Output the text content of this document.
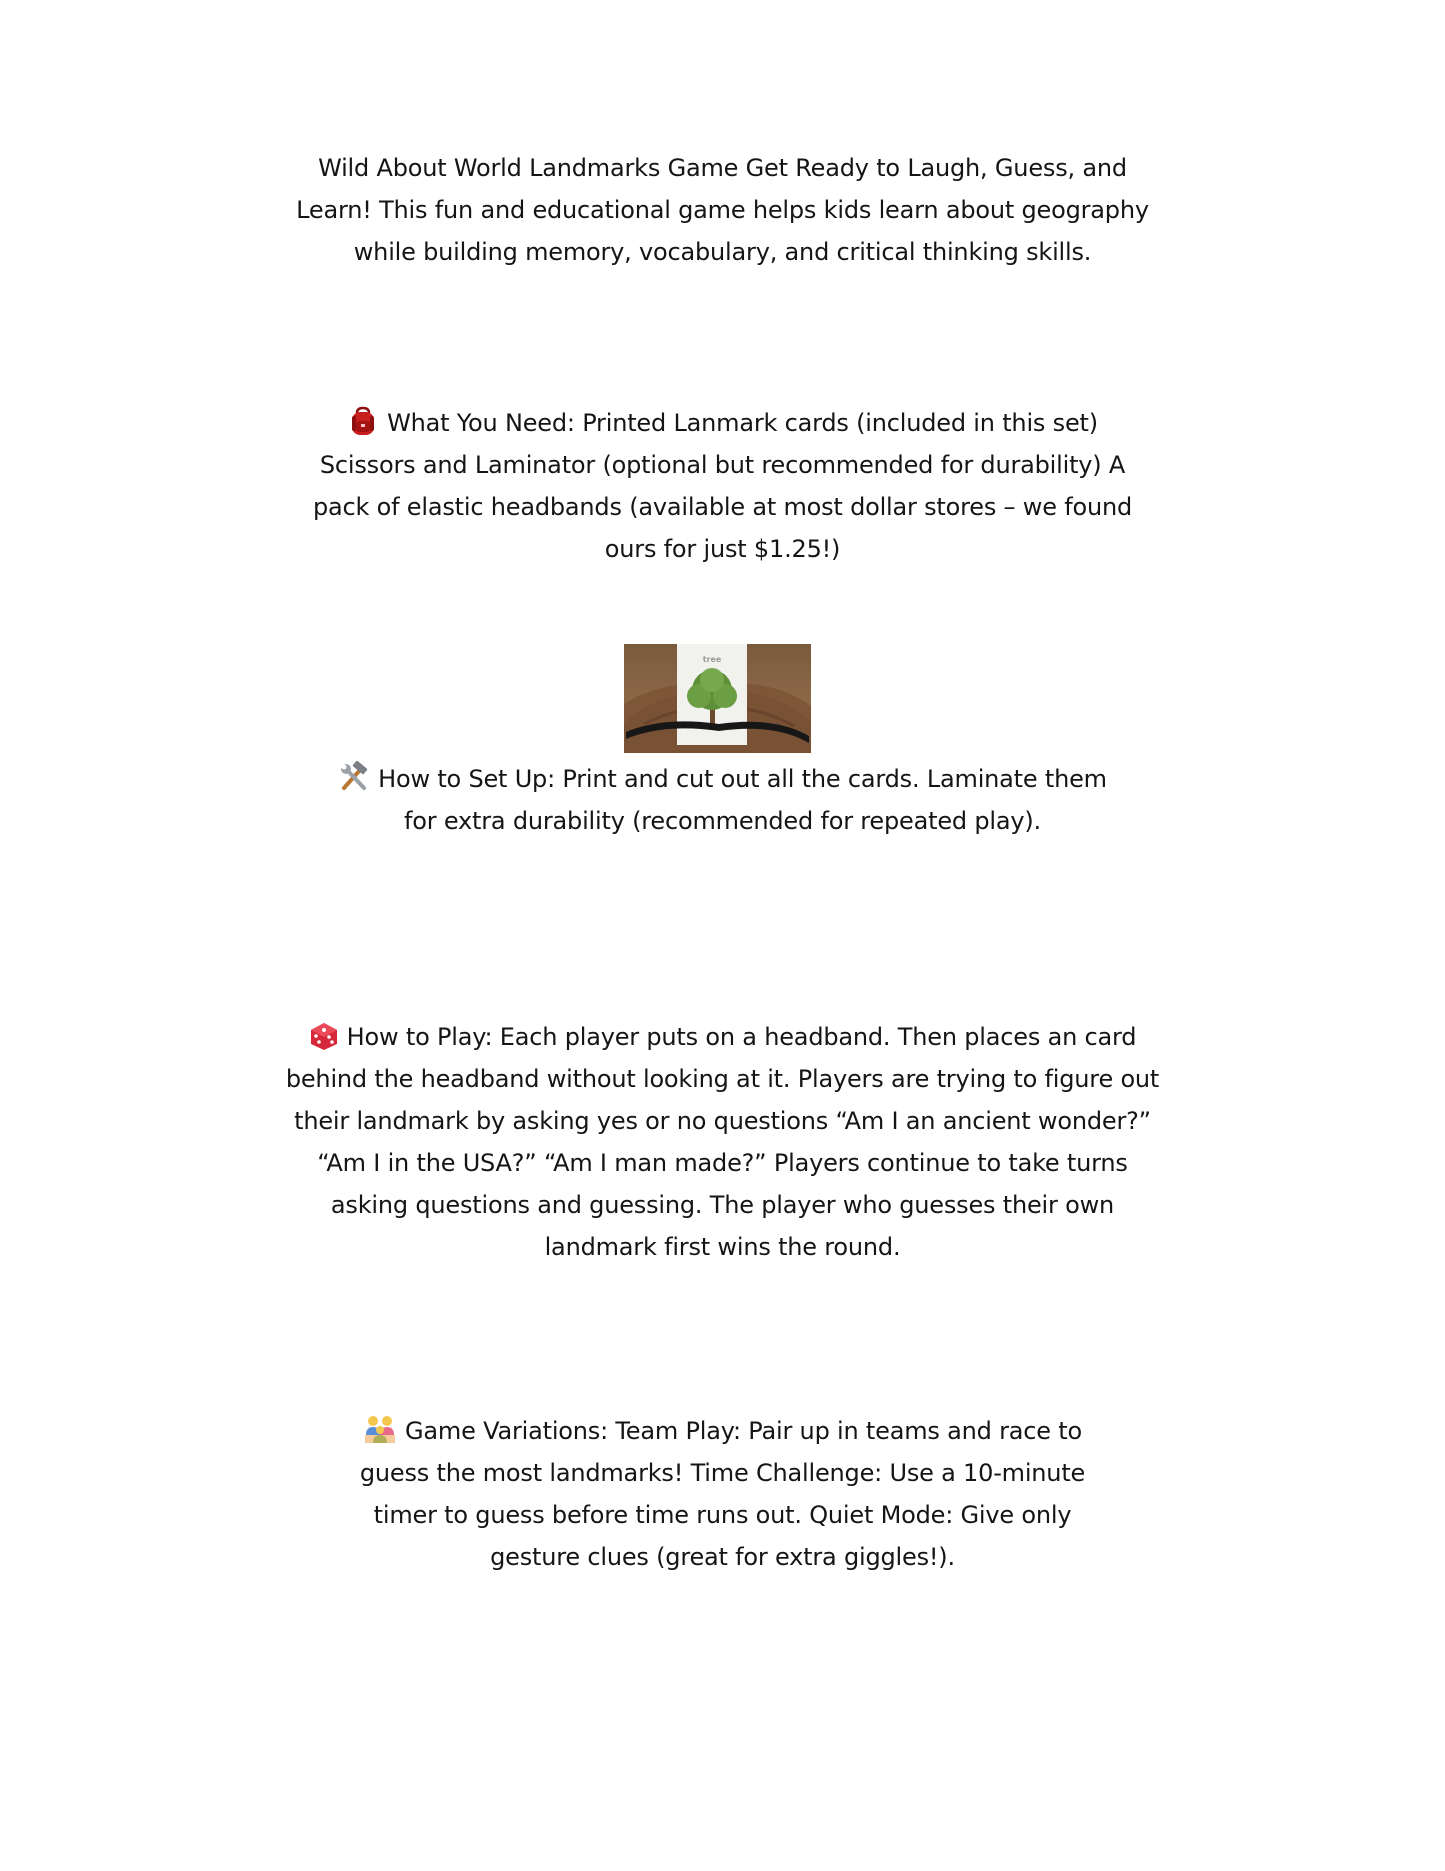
Wild About World Landmarks Game Get Ready to Laugh, Guess, and Learn! This fun and educational game helps kids learn about geography while building memory, vocabulary, and critical thinking skills.
What You Need: Printed Lanmark cards (included in this set) Scissors and Laminator (optional but recommended for durability) A pack of elastic headbands (available at most dollar stores – we found ours for just $1.25!)
tree
How to Set Up: Print and cut out all the cards. Laminate them for extra durability (recommended for repeated play).
How to Play: Each player puts on a headband. Then places an card behind the headband without looking at it. Players are trying to figure out their landmark by asking yes or no questions “Am I an ancient wonder?” “Am I in the USA?” “Am I man made?” Players continue to take turns asking questions and guessing. The player who guesses their own landmark first wins the round.
Game Variations: Team Play: Pair up in teams and race to guess the most landmarks! Time Challenge: Use a 10-minute timer to guess before time runs out. Quiet Mode: Give only gesture clues (great for extra giggles!).
